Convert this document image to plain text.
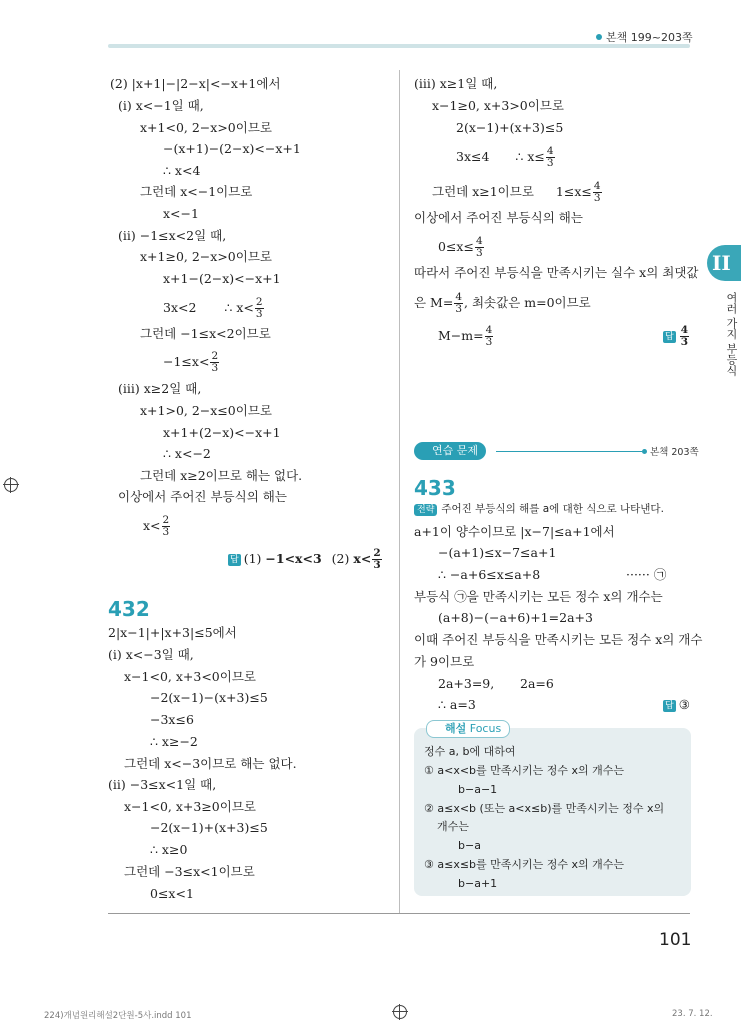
본책 199~203쪽
II
여러 가지 부등식
(2) |x+1|−|2−x|<−x+1에서
(ⅰ) x<−1일 때,
x+1<0, 2−x>0이므로
−(x+1)−(2−x)<−x+1
∴ x<4
그런데 x<−1이므로
x<−1
(ⅱ) −1≤x<2일 때,
x+1≥0, 2−x>0이므로
x+1−(2−x)<−x+1
3x<2 ∴ $x< \frac{2}{3}$
그런데 −1≤x<2이므로
$-1\le x< \frac{2}{3}$
(ⅲ) x≥2일 때,
x+1>0, 2−x≤0이므로
x+1+(2−x)<−x+1
∴ x<−2
그런데 x≥2이므로 해는 없다.
이상에서 주어진 부등식의 해는
$x< \frac{2}{3}$
답 (1) −1<x<3 (2) $x< \frac{2}{3}$
432
2|x−1|+|x+3|≤5에서
(ⅰ) x<−3일 때,
x−1<0, x+3<0이므로
−2(x−1)−(x+3)≤5
−3x≤6
∴ x≥−2
그런데 x<−3이므로 해는 없다.
(ⅱ) −3≤x<1일 때,
x−1<0, x+3≥0이므로
−2(x−1)+(x+3)≤5
∴ x≥0
그런데 −3≤x<1이므로
0≤x<1
(ⅲ) x≥1일 때,
x−1≥0, x+3>0이므로
2(x−1)+(x+3)≤5
3x≤4 ∴ $x\le \frac{4}{3}$
그런데 x≥1이므로 $1\le x\le \frac{4}{3}$
이상에서 주어진 부등식의 해는
$0\le x\le \frac{4}{3}$
따라서 주어진 부등식을 만족시키는 실수 x의 최댓값
은 $M= \frac{4}{3}$ , 최솟값은 m=0이므로
$M-m= \frac{4}{3}$	답 $\frac{4}{3}$
연습 문제	본책 203쪽
433
전략 주어진 부등식의 해를 a에 대한 식으로 나타낸다.
a+1이 양수이므로 |x−7|≤a+1에서
−(a+1)≤x−7≤a+1
∴ −a+6≤x≤a+8	······ ㉠
부등식 ㉠을 만족시키는 모든 정수 x의 개수는
(a+8)−(−a+6)+1=2a+3
이때 주어진 부등식을 만족시키는 모든 정수 x의 개수
가 9이므로
2a+3=9, 2a=6
∴ a=3	답 ③
해설 Focus
정수 a, b에 대하여
① a<x<b를 만족시키는 정수 x의 개수는
b−a−1
② a≤x<b (또는 a<x≤b)를 만족시키는 정수 x의
개수는
b−a
③ a≤x≤b를 만족시키는 정수 x의 개수는
b−a+1
101
224)개념원리해설2단원-5사.indd 101	23. 7. 12.
